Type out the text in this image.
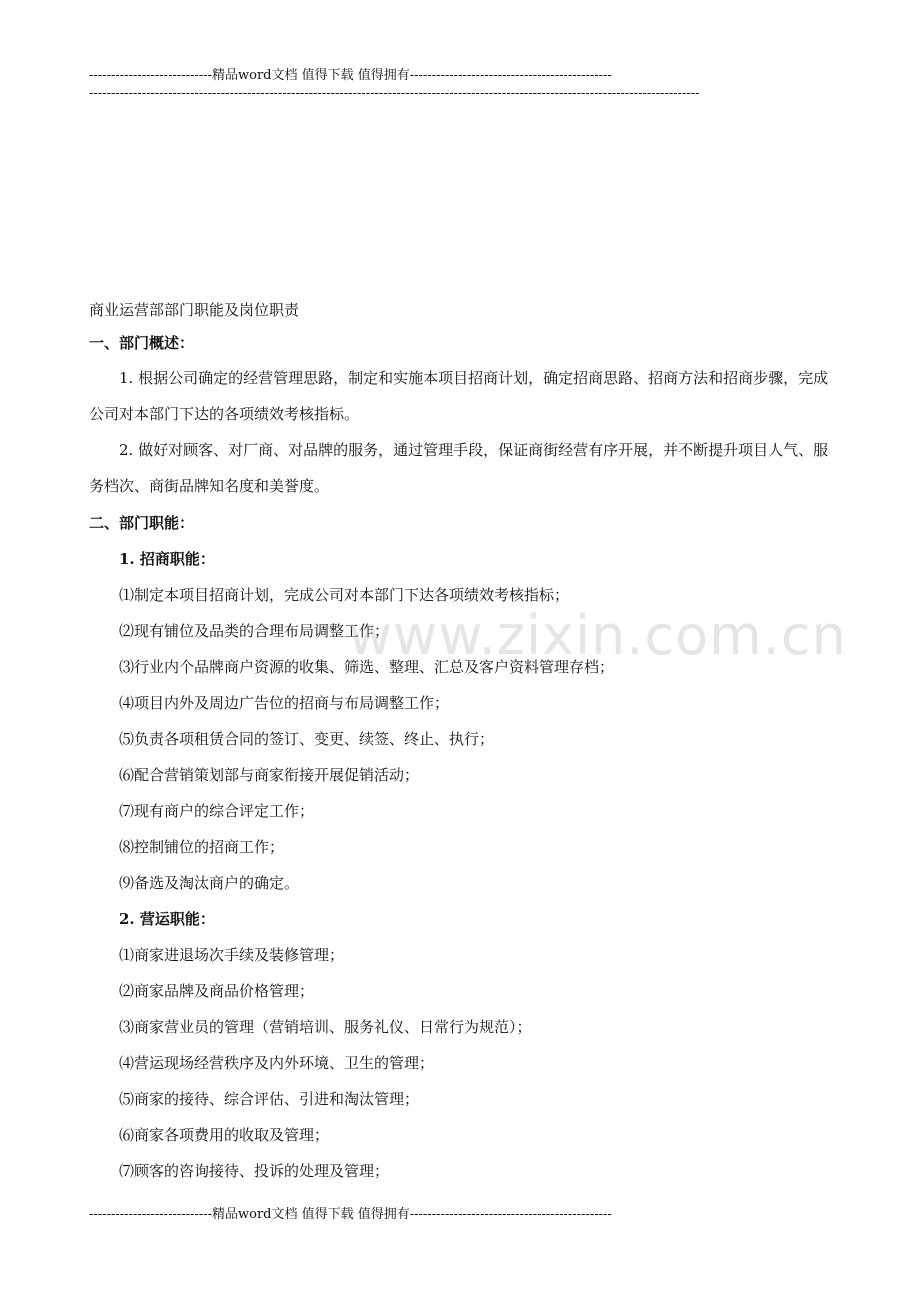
----------------------------精品word文档 值得下载 值得拥有----------------------------------------------
-------------------------------------------------------------------------------------------------------------------------------------------
商业运营部部门职能及岗位职责
一、部门概述：
1. 根据公司确定的经营管理思路，制定和实施本项目招商计划，确定招商思路、招商方法和招商步骤，完成公司对本部门下达的各项绩效考核指标。
2. 做好对顾客、对厂商、对品牌的服务，通过管理手段，保证商街经营有序开展，并不断提升项目人气、服务档次、商街品牌知名度和美誉度。
二、部门职能：
1. 招商职能：
⑴制定本项目招商计划，完成公司对本部门下达各项绩效考核指标；
⑵现有铺位及品类的合理布局调整工作；
⑶行业内个品牌商户资源的收集、筛选、整理、汇总及客户资料管理存档；
⑷项目内外及周边广告位的招商与布局调整工作；
⑸负责各项租赁合同的签订、变更、续签、终止、执行；
⑹配合营销策划部与商家衔接开展促销活动；
⑺现有商户的综合评定工作；
⑻控制铺位的招商工作；
⑼备选及淘汰商户的确定。
2. 营运职能：
⑴商家进退场次手续及装修管理；
⑵商家品牌及商品价格管理；
⑶商家营业员的管理（营销培训、服务礼仪、日常行为规范）；
⑷营运现场经营秩序及内外环境、卫生的管理；
⑸商家的接待、综合评估、引进和淘汰管理；
⑹商家各项费用的收取及管理；
⑺顾客的咨询接待、投诉的处理及管理；
www.zixin.com.cn
----------------------------精品word文档 值得下载 值得拥有----------------------------------------------
